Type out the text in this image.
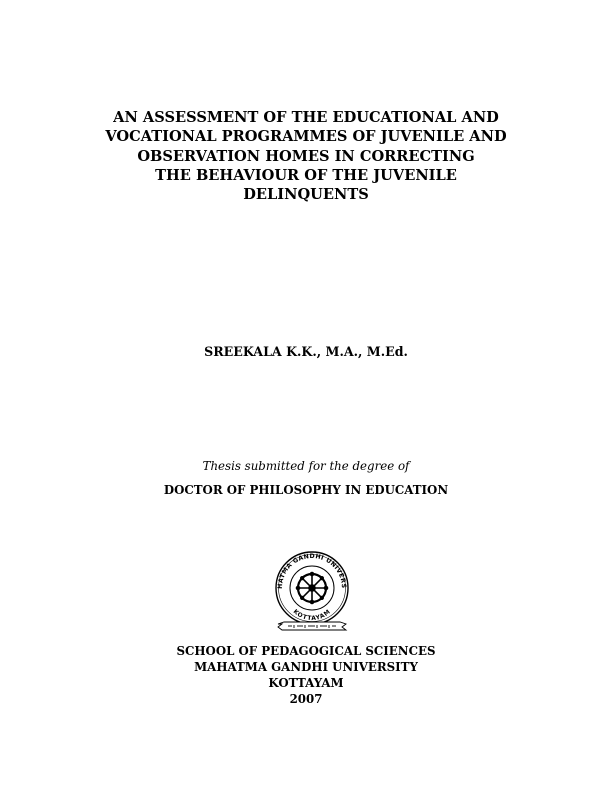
AN ASSESSMENT OF THE EDUCATIONAL AND
VOCATIONAL PROGRAMMES OF JUVENILE AND
OBSERVATION HOMES IN CORRECTING
THE BEHAVIOUR OF THE JUVENILE
DELINQUENTS
SREEKALA K.K., M.A., M.Ed.
Thesis submitted for the degree of
DOCTOR OF PHILOSOPHY IN EDUCATION
HATMA GANDHI UNIVERS
KOTTAYAM
SCHOOL OF PEDAGOGICAL SCIENCES
MAHATMA GANDHI UNIVERSITY
KOTTAYAM
2007
